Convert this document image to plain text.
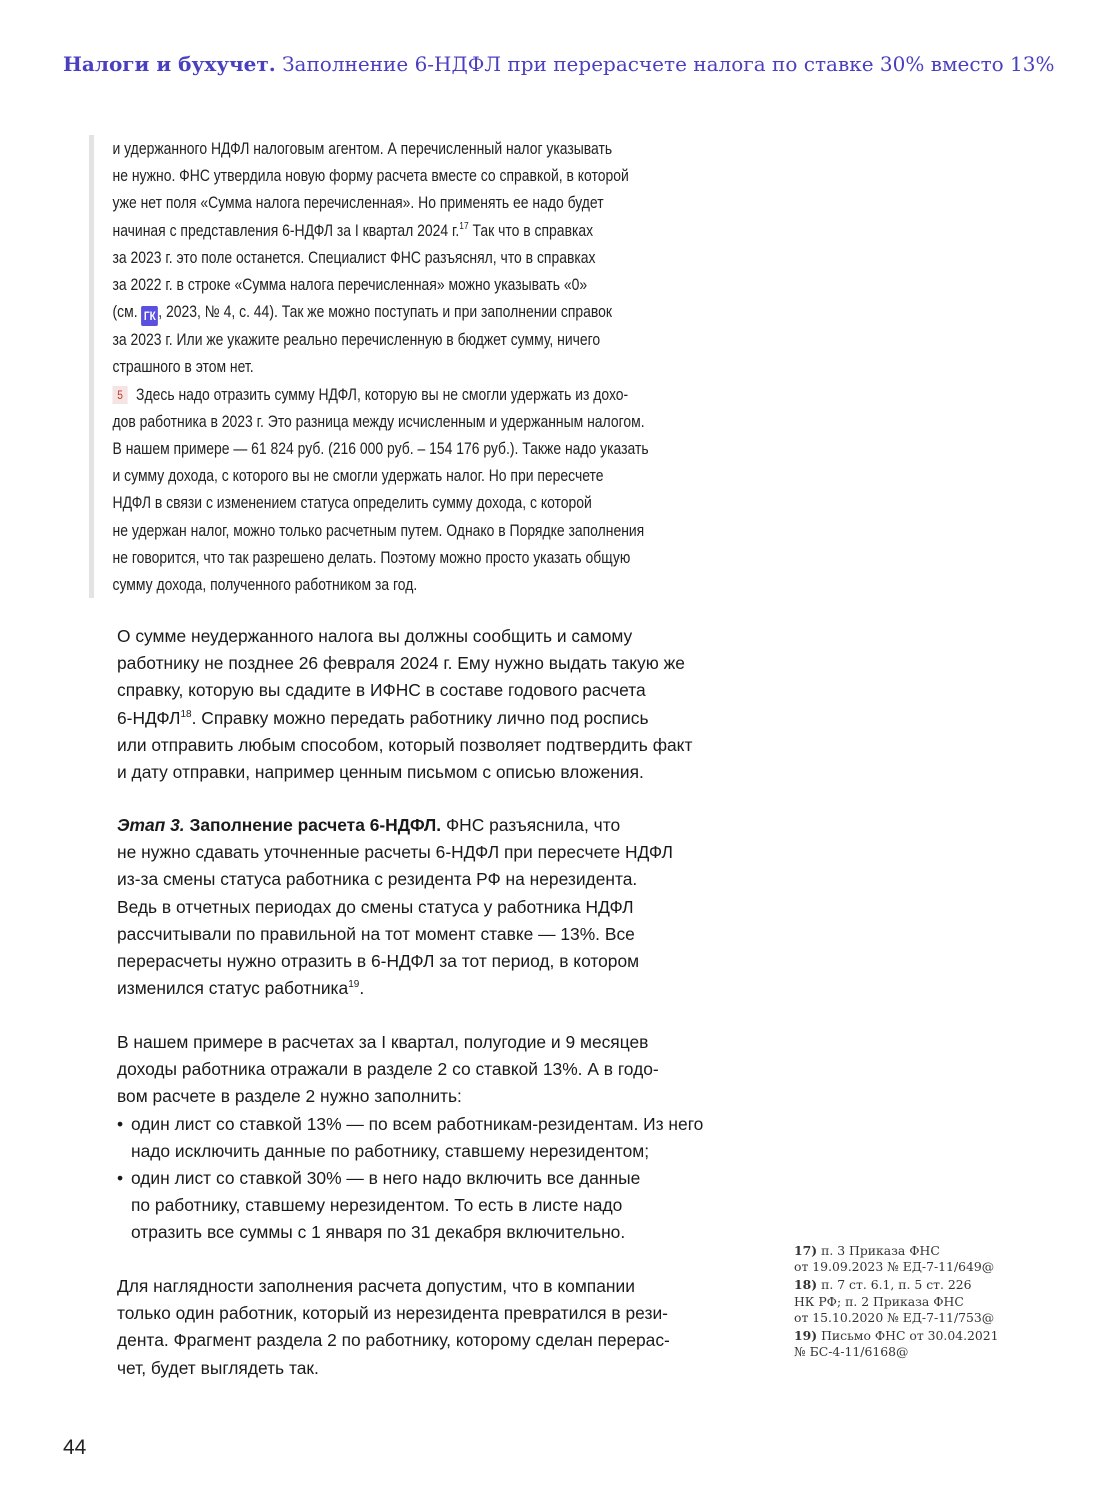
Налоги и бухучет. Заполнение 6-НДФЛ при перерасчете налога по ставке 30% вместо 13%

и удержанного НДФЛ налоговым агентом. А перечисленный налог указывать

не нужно. ФНС утвердила новую форму расчета вместе со справкой, в которой

уже нет поля «Сумма налога перечисленная». Но применять ее надо будет

начиная с представления 6-НДФЛ за I квартал 2024 г.$^{17}$ Так что в справках

за 2023 г. это поле останется. Специалист ФНС разъяснял, что в справках

за 2022 г. в строке «Сумма налога перечисленная» можно указывать «0»

(см. ГК , 2023, № 4, с. 44). Так же можно поступать и при заполнении справок

за 2023 г. Или же укажите реально перечисленную в бюджет сумму, ничего

страшного в этом нет.

5 Здесь надо отразить сумму НДФЛ, которую вы не смогли удержать из дохо-

дов работника в 2023 г. Это разница между исчисленным и удержанным налогом.

В нашем примере — 61 824 руб. (216 000 руб. – 154 176 руб.). Также надо указать

и сумму дохода, с которого вы не смогли удержать налог. Но при пересчете

НДФЛ в связи с изменением статуса определить сумму дохода, с которой

не удержан налог, можно только расчетным путем. Однако в Порядке заполнения

не говорится, что так разрешено делать. Поэтому можно просто указать общую

сумму дохода, полученного работником за год.

О сумме неудержанного налога вы должны сообщить и самому

работнику не позднее 26 февраля 2024 г. Ему нужно выдать такую же

справку, которую вы сдадите в ИФНС в составе годового расчета

6-НДФЛ$^{18}$. Справку можно передать работнику лично под роспись

или отправить любым способом, который позволяет подтвердить факт

и дату отправки, например ценным письмом с описью вложения.

Этап 3. Заполнение расчета 6-НДФЛ. ФНС разъяснила, что

не нужно сдавать уточненные расчеты 6-НДФЛ при пересчете НДФЛ

из-за смены статуса работника с резидента РФ на нерезидента.

Ведь в отчетных периодах до смены статуса у работника НДФЛ

рассчитывали по правильной на тот момент ставке — 13%. Все

перерасчеты нужно отразить в 6-НДФЛ за тот период, в котором

изменился статус работника$^{19}$.

В нашем примере в расчетах за I квартал, полугодие и 9 месяцев

доходы работника отражали в разделе 2 со ставкой 13%. А в годо-

вом расчете в разделе 2 нужно заполнить:

• один лист со ставкой 13% — по всем работникам-резидентам. Из него
надо исключить данные по работнику, ставшему нерезидентом;
• один лист со ставкой 30% — в него надо включить все данные
по работнику, ставшему нерезидентом. То есть в листе надо
отразить все суммы с 1 января по 31 декабря включительно.

Для наглядности заполнения расчета допустим, что в компании

только один работник, который из нерезидента превратился в рези-

дента. Фрагмент раздела 2 по работнику, которому сделан перерас-

чет, будет выглядеть так.

17) п. 3 Приказа ФНС
от 19.09.2023 № ЕД-7-11/649@
18) п. 7 ст. 6.1, п. 5 ст. 226
НК РФ; п. 2 Приказа ФНС
от 15.10.2020 № ЕД-7-11/753@
19) Письмо ФНС от 30.04.2021
№ БС-4-11/6168@
44
